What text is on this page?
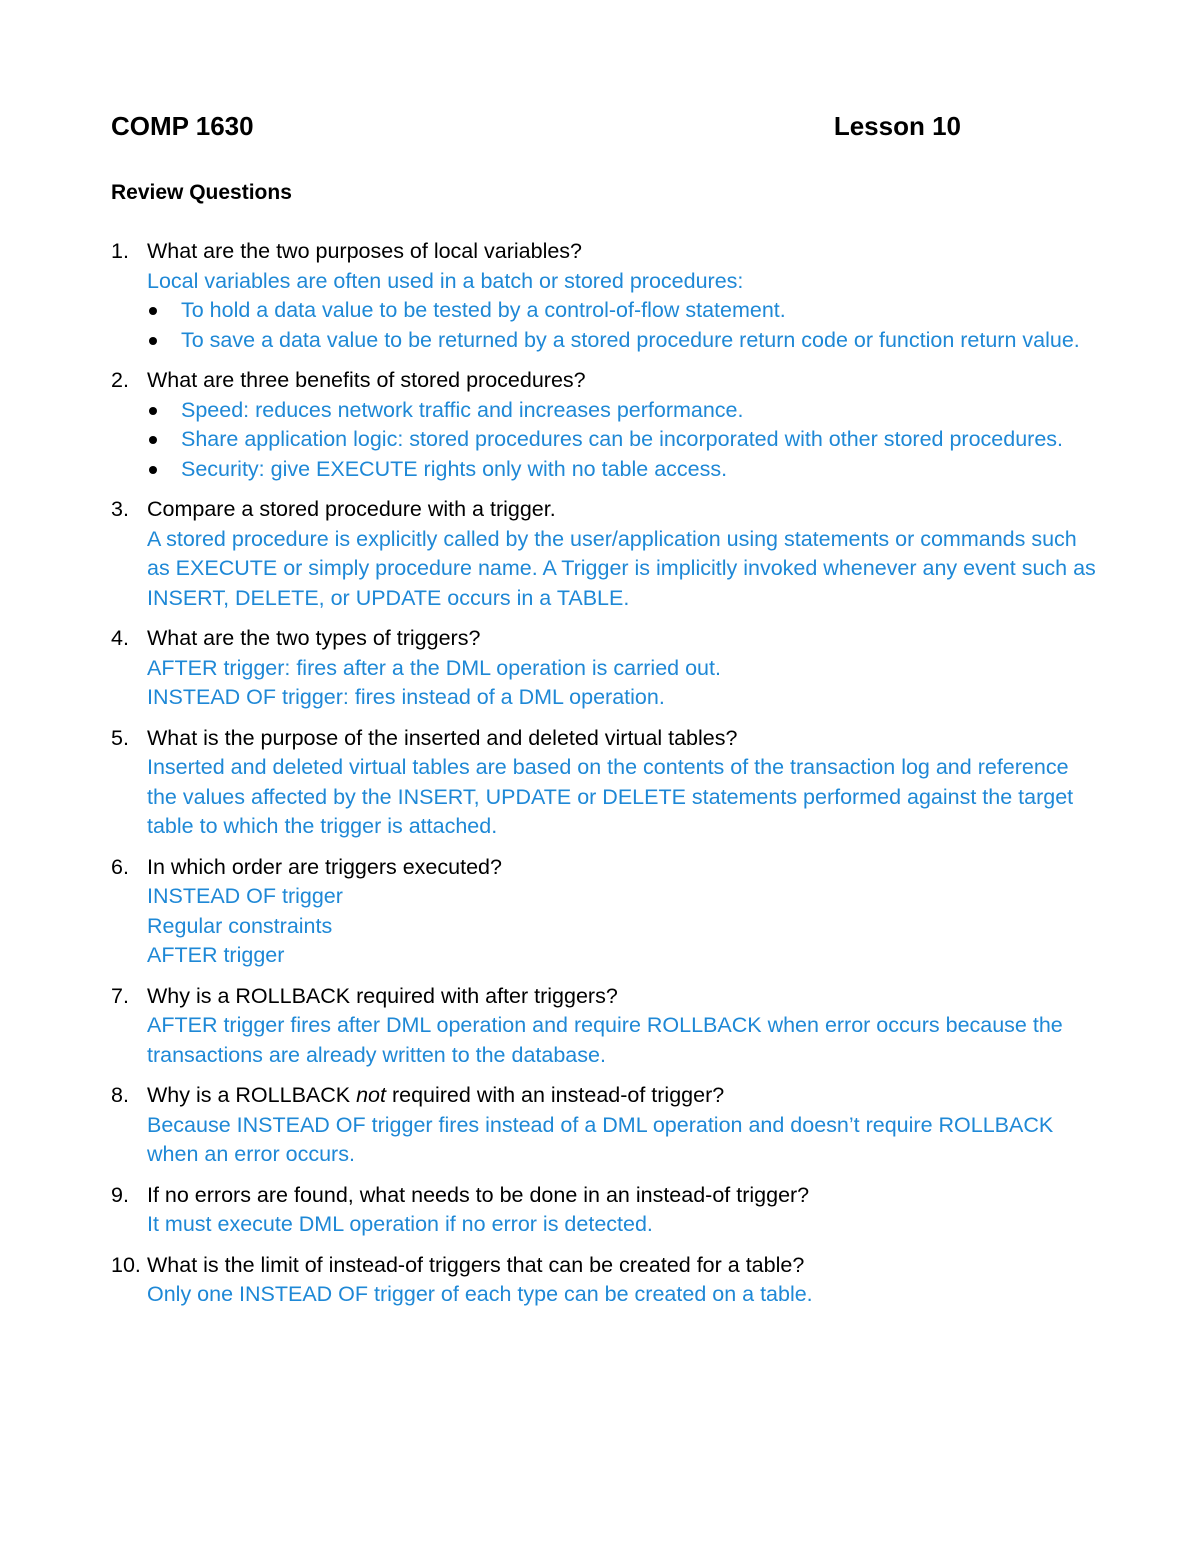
COMP 1630	Lesson 10
Review Questions
1. What are the two purposes of local variables?
Local variables are often used in a batch or stored procedures:
To hold a data value to be tested by a control-of-flow statement.
To save a data value to be returned by a stored procedure return code or function return value.
2. What are three benefits of stored procedures?
Speed: reduces network traffic and increases performance.
Share application logic: stored procedures can be incorporated with other stored procedures.
Security: give EXECUTE rights only with no table access.
3. Compare a stored procedure with a trigger.
A stored procedure is explicitly called by the user/application using statements or commands such as EXECUTE or simply procedure name. A Trigger is implicitly invoked whenever any event such as INSERT, DELETE, or UPDATE occurs in a TABLE.
4. What are the two types of triggers?
AFTER trigger: fires after a the DML operation is carried out.
INSTEAD OF trigger: fires instead of a DML operation.
5. What is the purpose of the inserted and deleted virtual tables?
Inserted and deleted virtual tables are based on the contents of the transaction log and reference the values affected by the INSERT, UPDATE or DELETE statements performed against the target table to which the trigger is attached.
6. In which order are triggers executed?
INSTEAD OF trigger
Regular constraints
AFTER trigger
7. Why is a ROLLBACK required with after triggers?
AFTER trigger fires after DML operation and require ROLLBACK when error occurs because the transactions are already written to the database.
8. Why is a ROLLBACK not required with an instead-of trigger?
Because INSTEAD OF trigger fires instead of a DML operation and doesn’t require ROLLBACK when an error occurs.
9. If no errors are found, what needs to be done in an instead-of trigger?
It must execute DML operation if no error is detected.
10. What is the limit of instead-of triggers that can be created for a table?
Only one INSTEAD OF trigger of each type can be created on a table.
